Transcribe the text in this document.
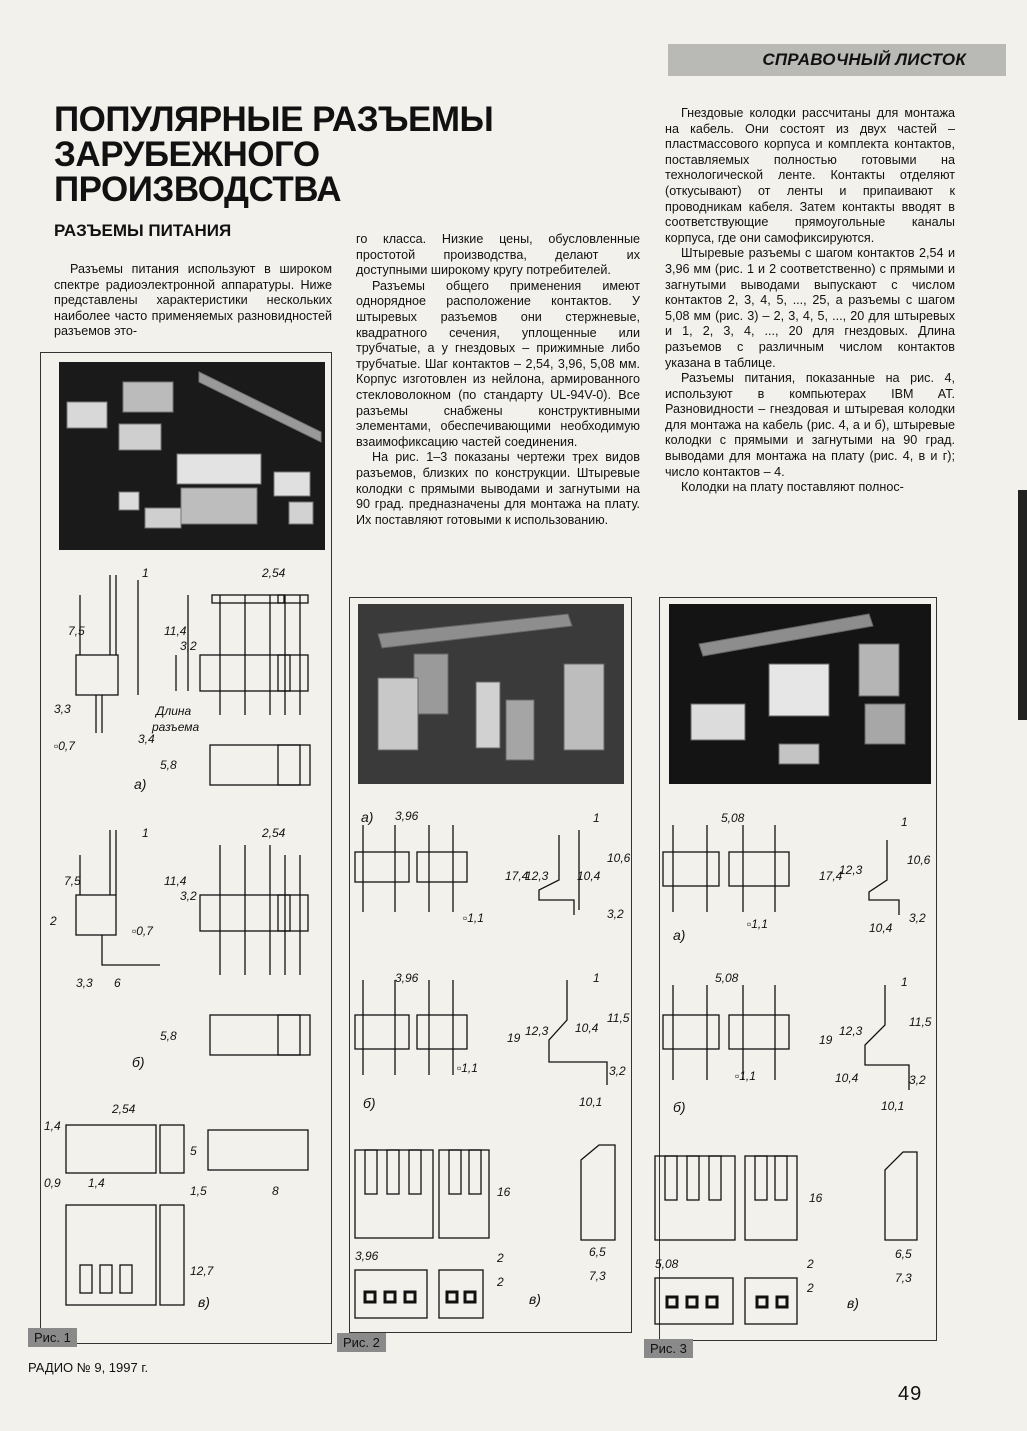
СПРАВОЧНЫЙ ЛИСТОК
ПОПУЛЯРНЫЕ РАЗЪЕМЫ
ЗАРУБЕЖНОГО
ПРОИЗВОДСТВА
РАЗЪЕМЫ ПИТАНИЯ

Разъемы питания используют в широком спектре радиоэлектронной аппаратуры. Ниже представлены характеристики нескольких наиболее часто применяемых разновидностей разъемов это-

го класса. Низкие цены, обусловленные простотой производства, делают их доступными широкому кругу потребителей.

Разъемы общего применения имеют однорядное расположение контактов. У штыревых разъемов они стержневые, квадратного сечения, уплощенные или трубчатые, а у гнездовых – прижимные либо трубчатые. Шаг контактов – 2,54, 3,96, 5,08 мм. Корпус изготовлен из нейлона, армированного стекловолокном (по стандарту UL-94V-0). Все разъемы снабжены конструктивными элементами, обеспечивающими необходимую взаимофиксацию частей соединения.

На рис. 1–3 показаны чертежи трех видов разъемов, близких по конструкции. Штыревые колодки с прямыми выводами и загнутыми на 90 град. предназначены для монтажа на плату. Их поставляют готовыми к использованию.

Гнездовые колодки рассчитаны для монтажа на кабель. Они состоят из двух частей – пластмассового корпуса и комплекта контактов, поставляемых полностью готовыми на технологической ленте. Контакты отделяют (откусывают) от ленты и припаивают к проводникам кабеля. Затем контакты вводят в соответствующие прямоугольные каналы корпуса, где они самофиксируются.

Штыревые разъемы с шагом контактов 2,54 и 3,96 мм (рис. 1 и 2 соответственно) с прямыми и загнутыми выводами выпускают с числом контактов 2, 3, 4, 5, ..., 25, а разъемы с шагом 5,08 мм (рис. 3) – 2, 3, 4, 5, ..., 20 для штыревых и 1, 2, 3, 4, ..., 20 для гнездовых. Длина разъемов с различным числом контактов указана в таблице.

Разъемы питания, показанные на рис. 4, используют в компьютерах IBM AT. Разновидности – гнездовая и штыревая колодки для монтажа на кабель (рис. 4, а и б), штыревые колодки с прямыми и загнутыми на 90 град. выводами для монтажа на плату (рис. 4, в и г); число контактов – 4.

Колодки на плату поставляют полнос-

1	2,54
7,5	11,4
3,2
3,3
▫0,7	3,4
Длина
разъема
5,8
а)
1	2,54
7,5	11,4
3,2
2
▫0,7
3,3 6
5,8
б)
2,54
1,4
0,9 1,4
5
1,5	8
12,7
в)
Рис. 1
а) 3,96	1
17,4
12,3 10,4
10,6
3,2
▫1,1
3,96	1
19 12,3 10,4
11,5
3,2
▫1,1
10,1
б)
16
3,96	2
2
6,5
7,3
в)
Рис. 2
5,08	1
17,4
12,3
10,6
10,4
3,2
▫1,1
а)
5,08	1
19
12,3
11,5
10,4	3,2
▫1,1
10,1
б)
16
5,08	2
2
6,5
7,3
в)
Рис. 3
РАДИО № 9, 1997 г.
49
